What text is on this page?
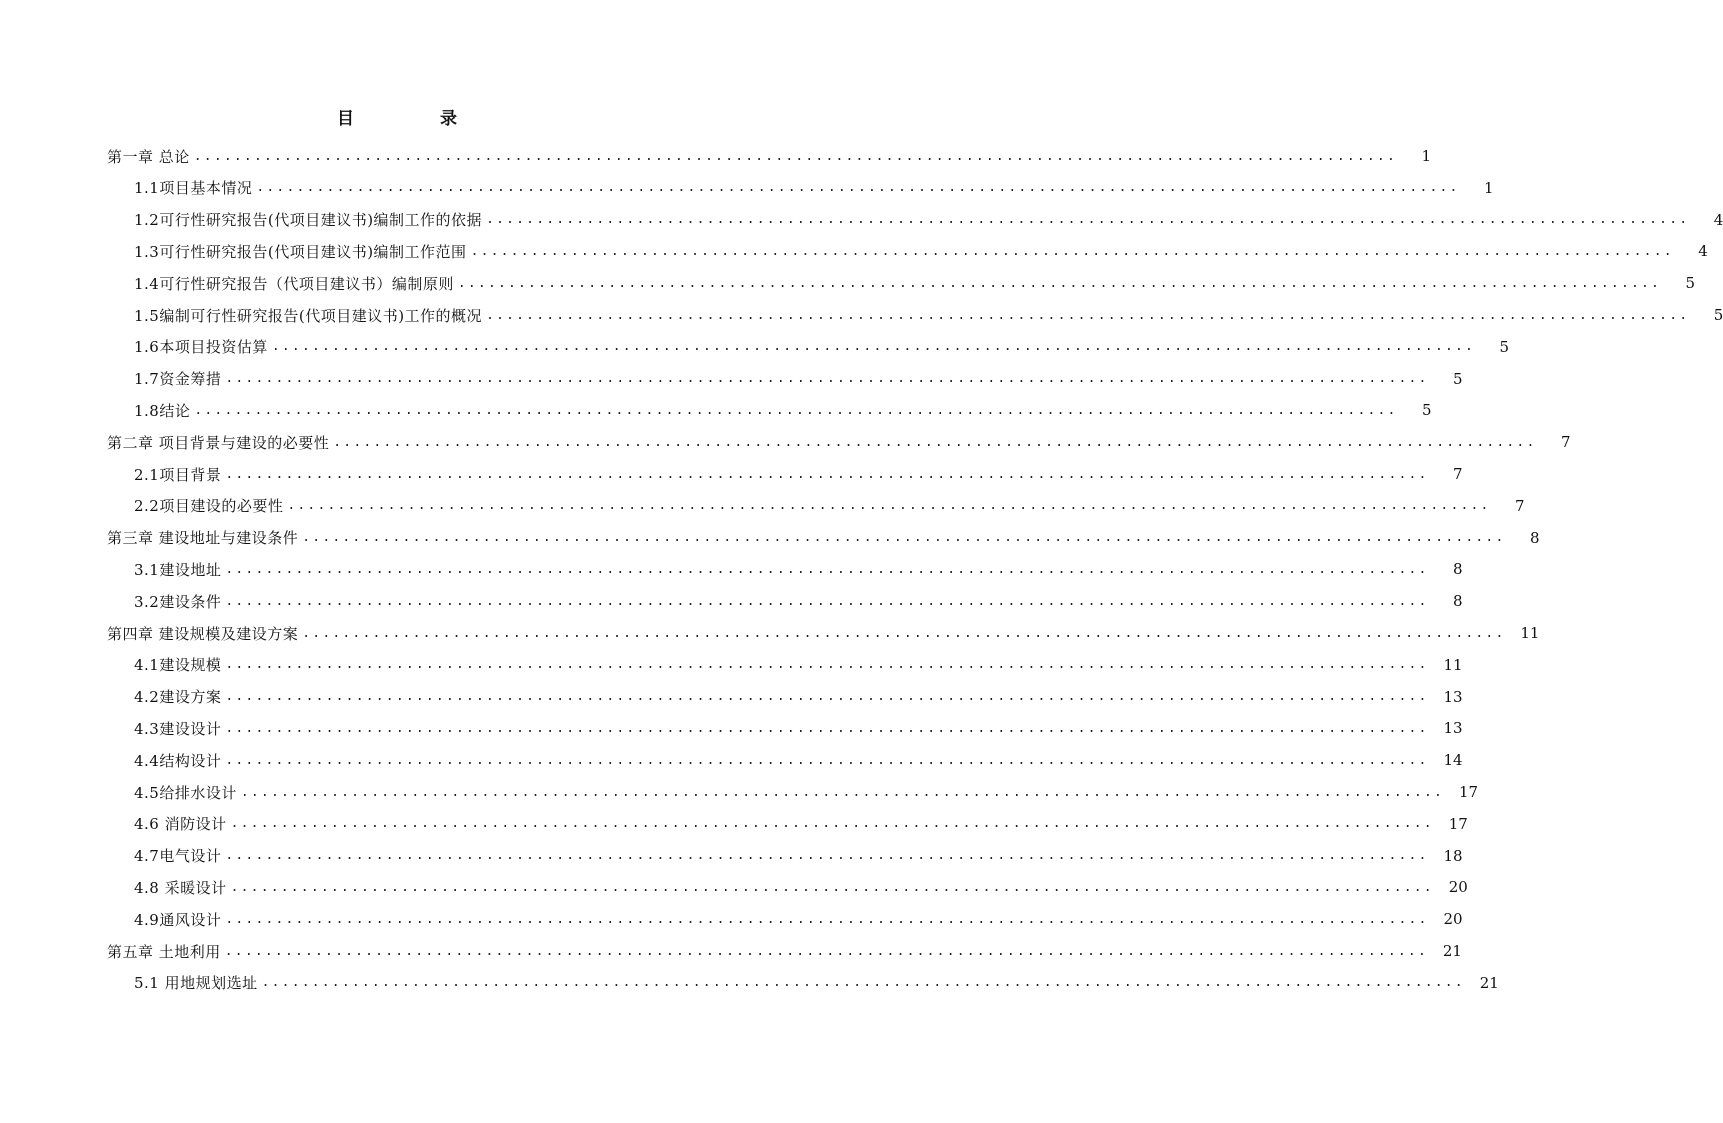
目 录
第一章 总论 ........................................................................................................................	1
1.1项目基本情况 ........................................................................................................................	1
1.2可行性研究报告(代项目建议书)编制工作的依据 ........................................................................................................................	4
1.3可行性研究报告(代项目建议书)编制工作范围 ........................................................................................................................	4
1.4可行性研究报告（代项目建议书）编制原则 ........................................................................................................................	5
1.5编制可行性研究报告(代项目建议书)工作的概况 ........................................................................................................................	5
1.6本项目投资估算 ........................................................................................................................	5
1.7资金筹措 ........................................................................................................................	5
1.8结论 ........................................................................................................................	5
第二章 项目背景与建设的必要性 ........................................................................................................................	7
2.1项目背景 ........................................................................................................................	7
2.2项目建设的必要性 ........................................................................................................................	7
第三章 建设地址与建设条件 ........................................................................................................................	8
3.1建设地址 ........................................................................................................................	8
3.2建设条件 ........................................................................................................................	8
第四章 建设规模及建设方案 ........................................................................................................................ 11
4.1建设规模 ........................................................................................................................ 11
4.2建设方案 ........................................................................................................................ 13
4.3建设设计 ........................................................................................................................ 13
4.4结构设计 ........................................................................................................................ 14
4.5给排水设计 ........................................................................................................................ 17
4.6 消防设计 ........................................................................................................................ 17
4.7电气设计 ........................................................................................................................ 18
4.8 采暖设计 ........................................................................................................................ 20
4.9通风设计 ........................................................................................................................ 20
第五章 土地利用 ........................................................................................................................ 21
5.1 用地规划选址 ........................................................................................................................ 21
